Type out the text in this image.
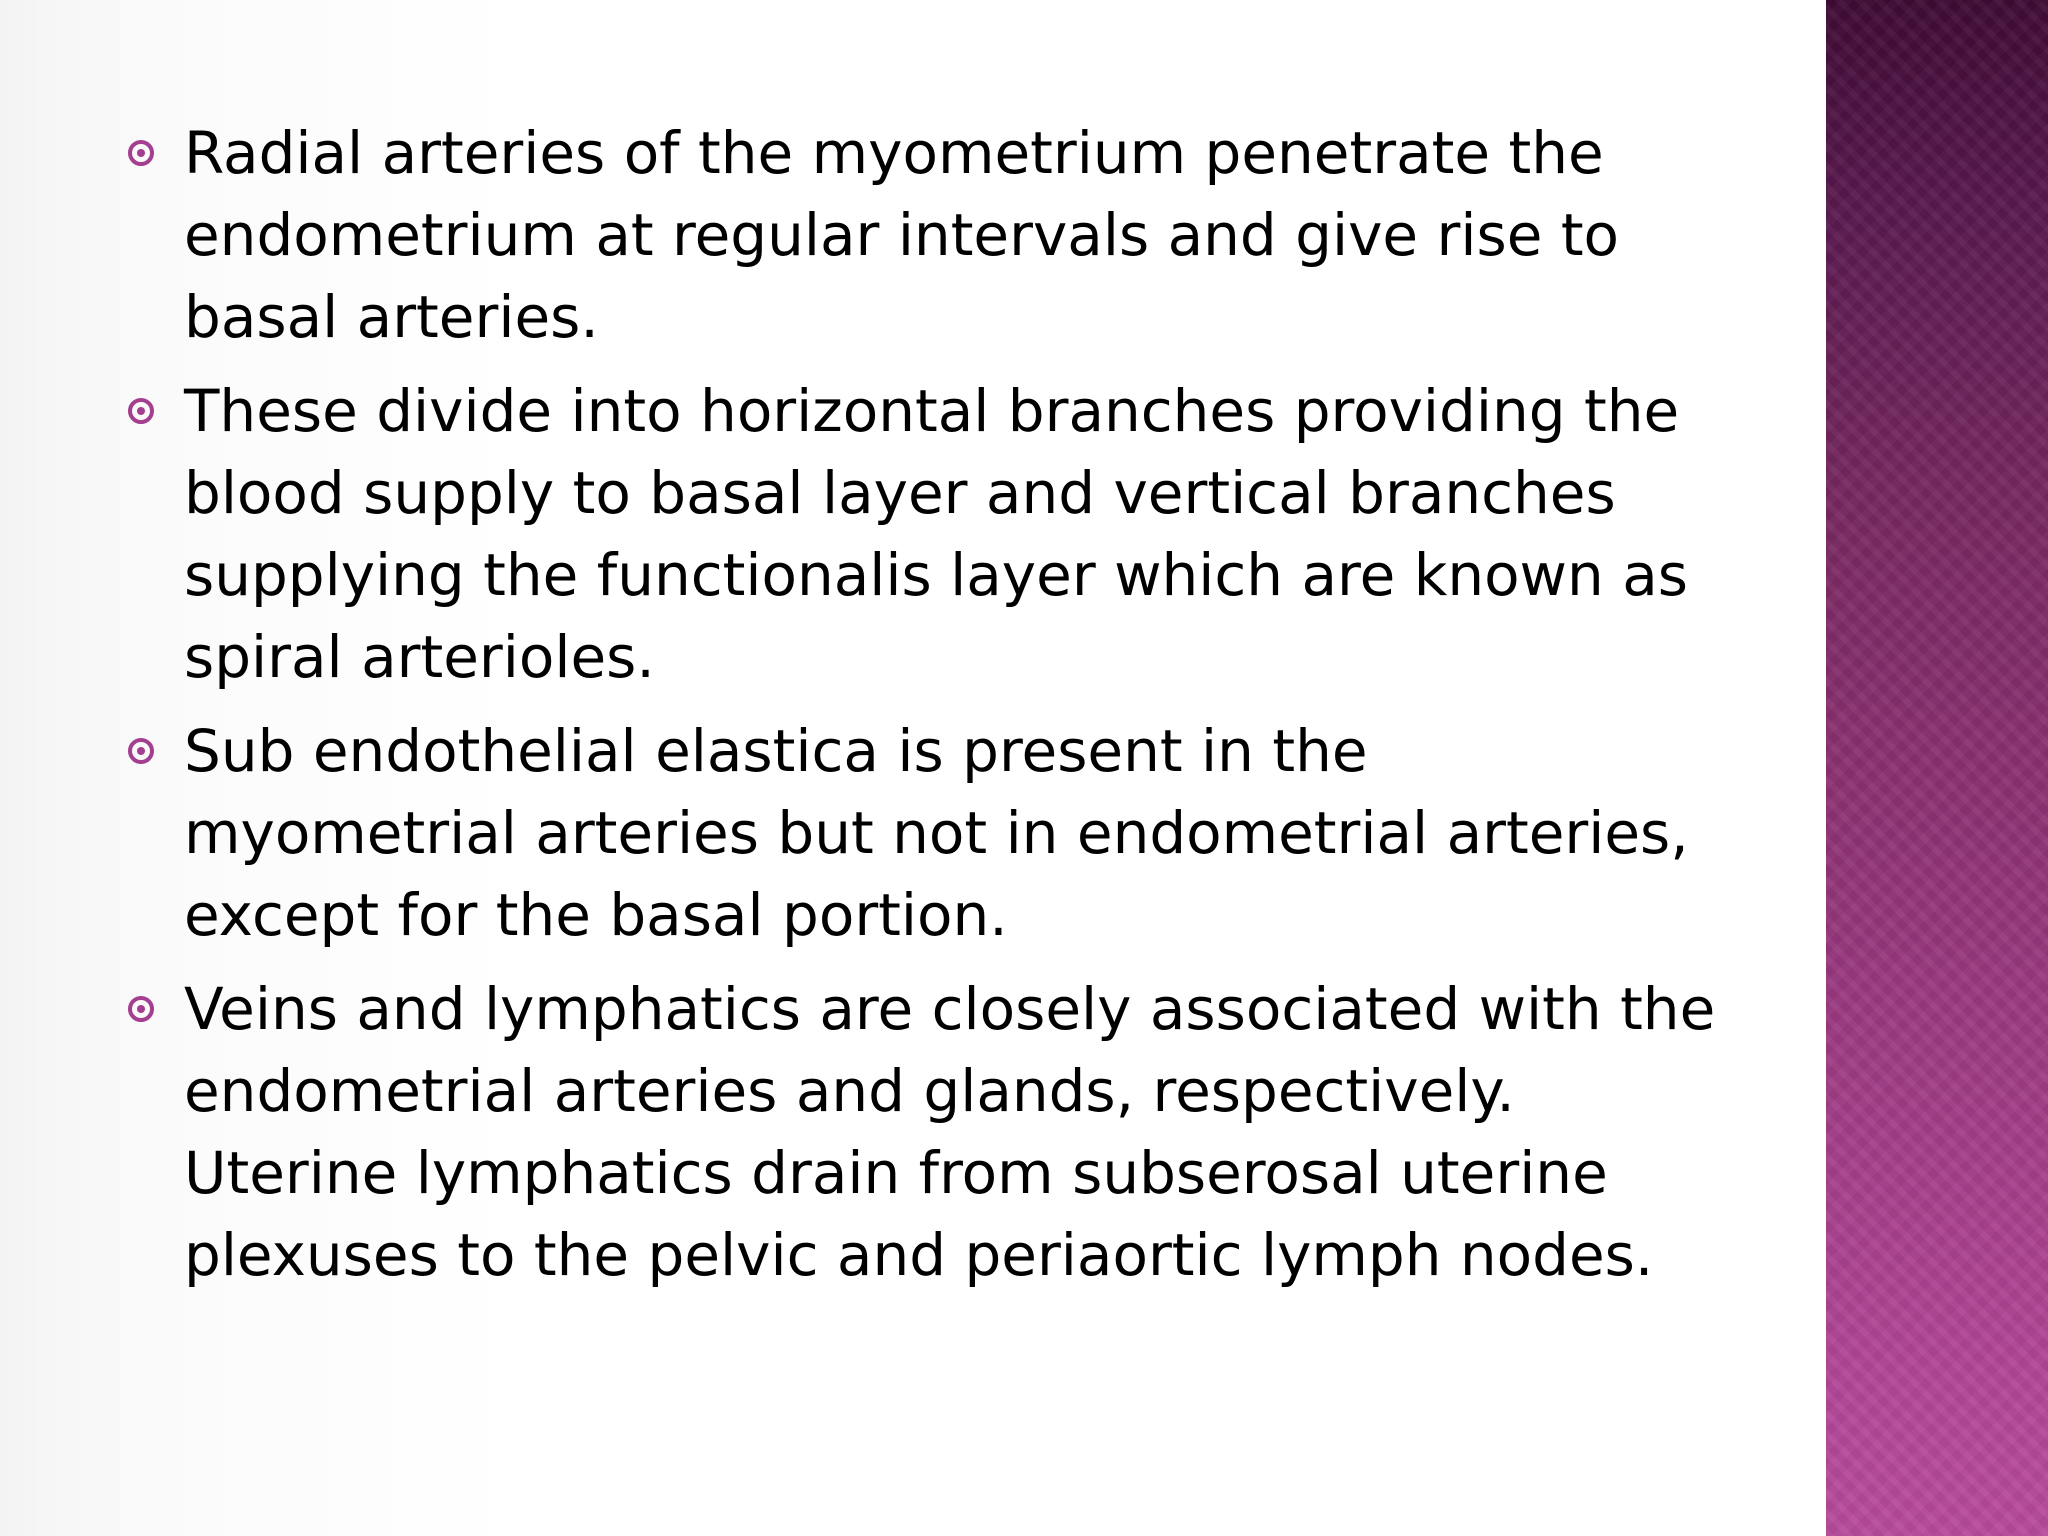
Radial arteries of the myometrium penetrate the endometrium at regular intervals and give rise to basal arteries.
These divide into horizontal branches providing the blood supply to basal layer and vertical branches supplying the functionalis layer which are known as spiral arterioles.
Sub endothelial elastica is present in the myometrial arteries but not in endometrial arteries, except for the basal portion.
Veins and lymphatics are closely associated with the endometrial arteries and glands, respectively. Uterine lymphatics drain from subserosal uterine plexuses to the pelvic and periaortic lymph nodes.
